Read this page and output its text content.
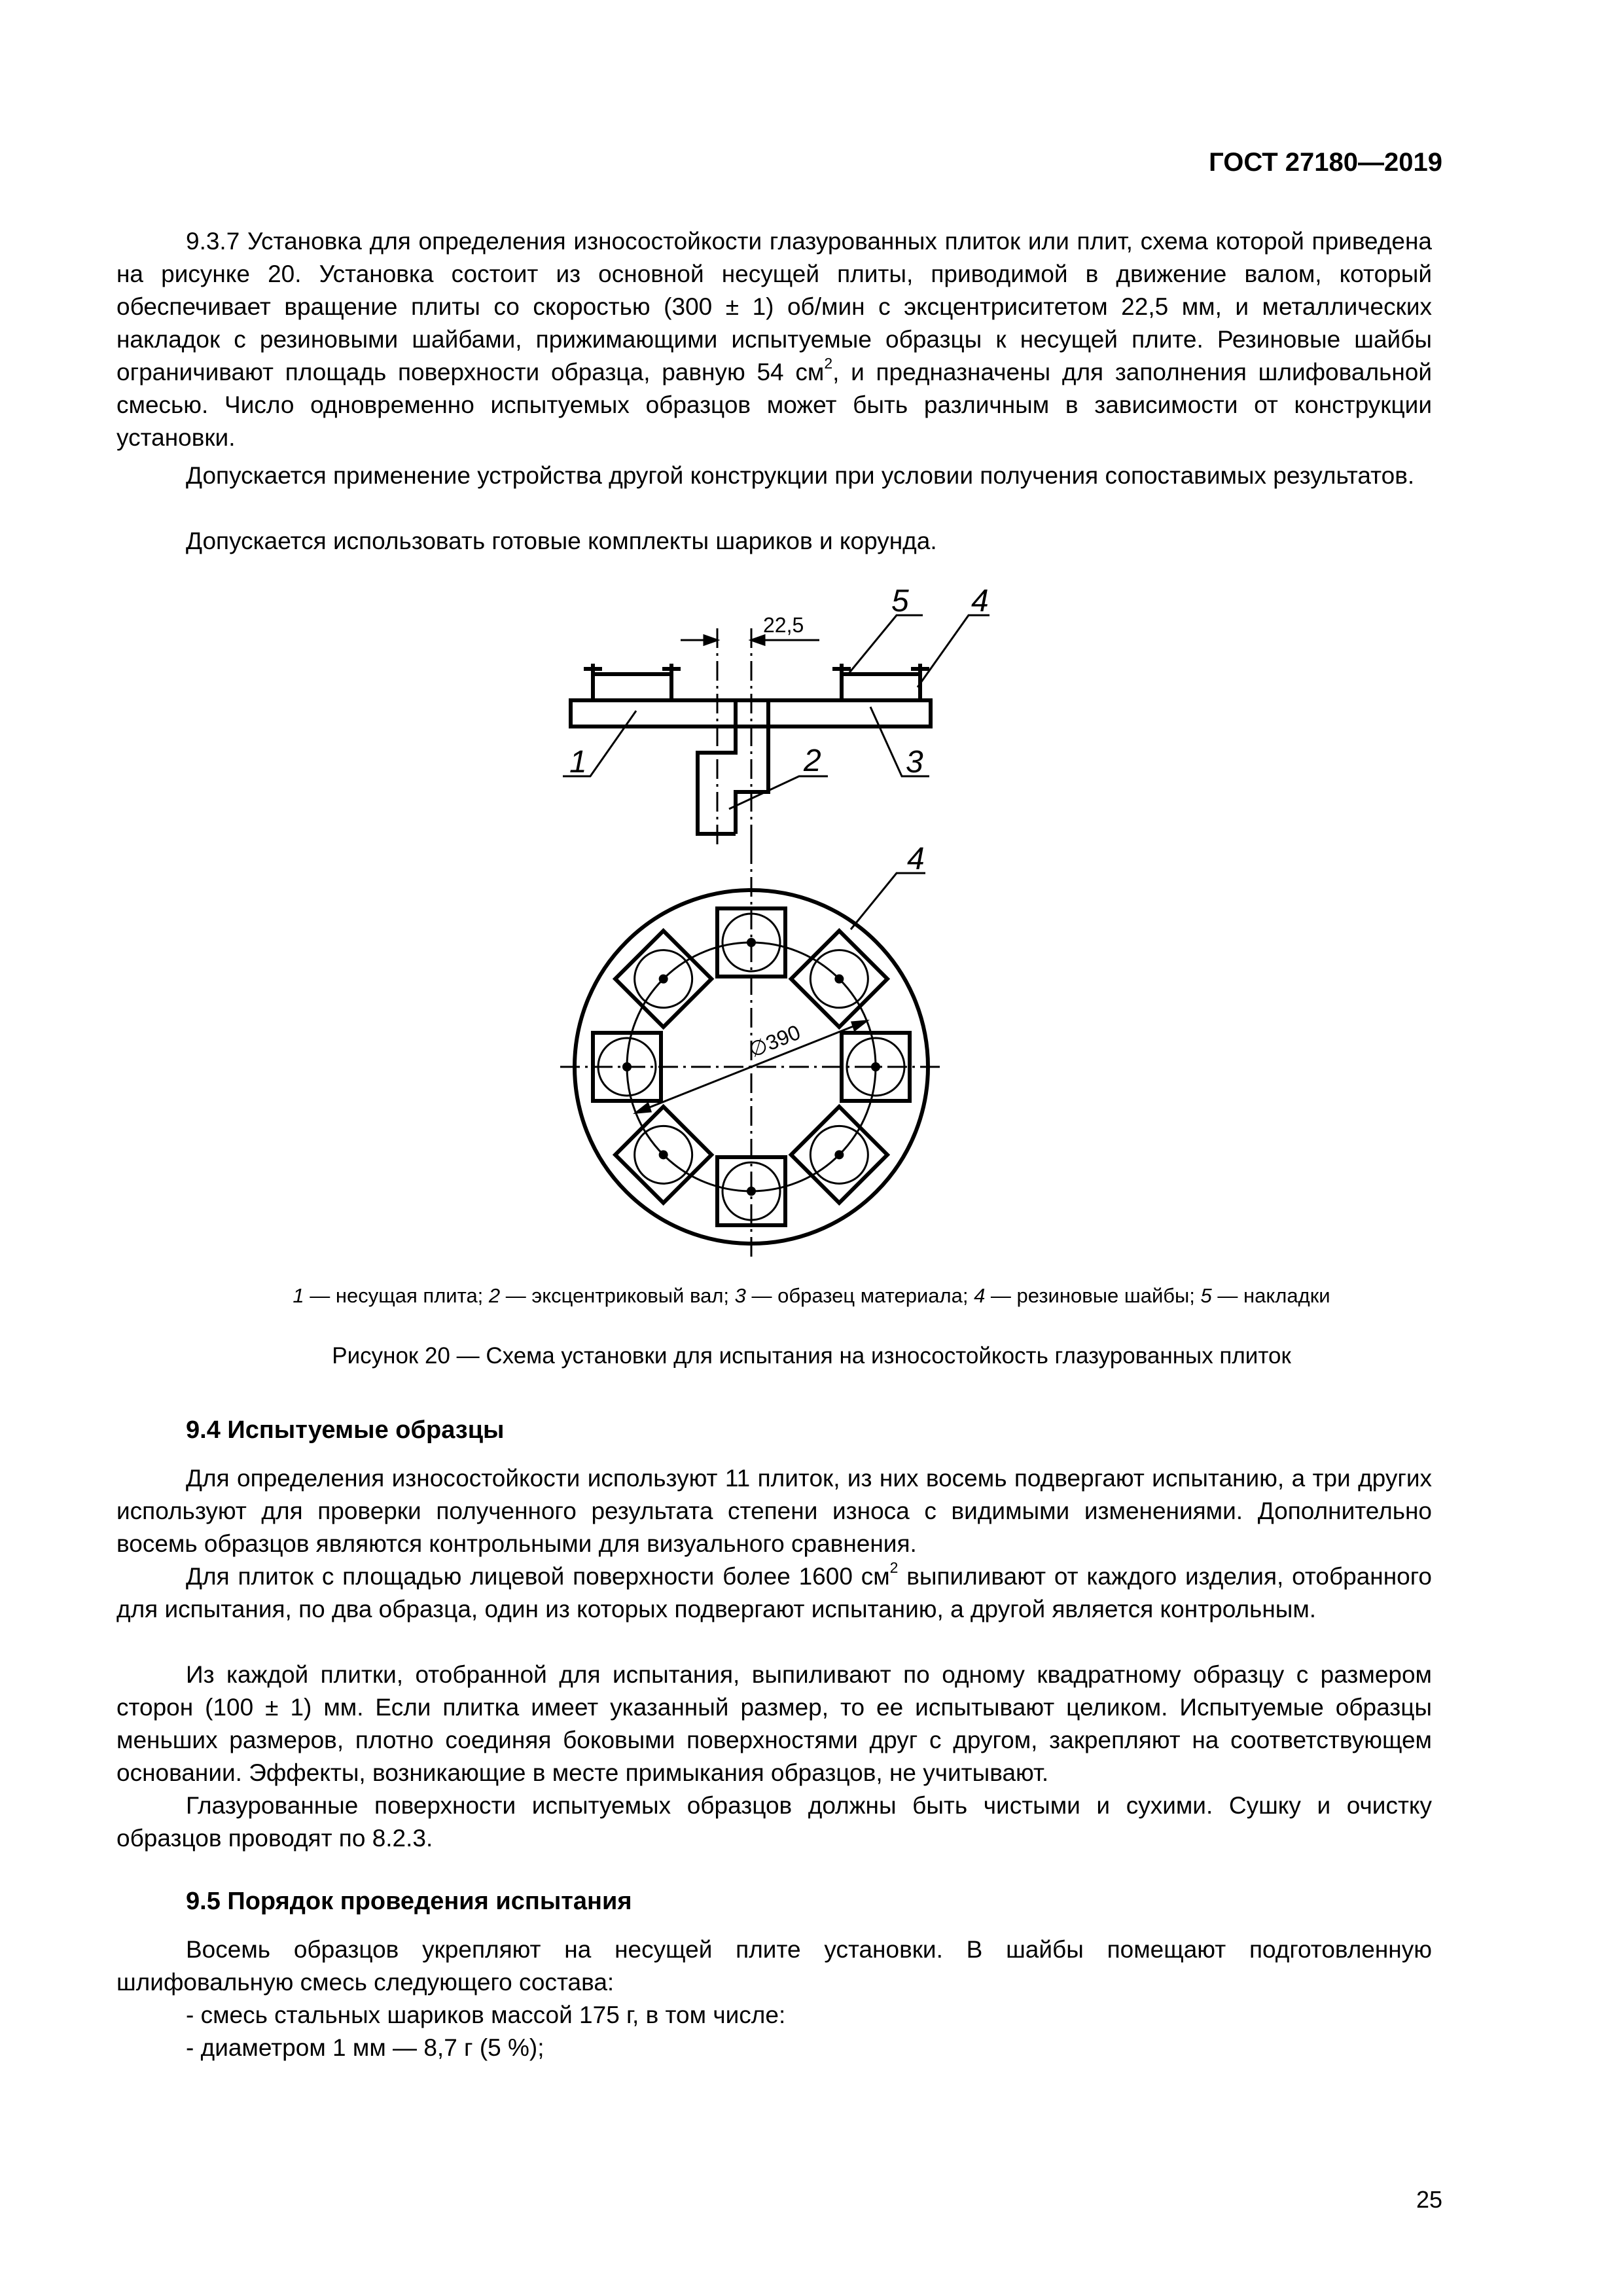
ГОСТ 27180—2019
9.3.7 Установка для определения износостойкости глазурованных плиток или плит, схема которой приведена на рисунке 20. Установка состоит из основной несущей плиты, приводимой в движение валом, который обеспечивает вращение плиты со скоростью (300 ± 1) об/мин с эксцентриситетом 22,5 мм, и металлических накладок с резиновыми шайбами, прижимающими испытуемые образцы к несущей плите. Резиновые шайбы ограничивают площадь поверхности образца, равную 54 $см^2$, и предназначены для заполнения шлифовальной смесью. Число одновременно испытуемых образцов может быть различным в зависимости от конструкции установки.
Допускается применение устройства другой конструкции при условии получения сопоставимых результатов.
Допускается использовать готовые комплекты шариков и корунда.
22,5
1	2	3
5 4
∅390
4
1 — несущая плита; 2 — эксцентриковый вал; 3 — образец материала; 4 — резиновые шайбы; 5 — накладки
Рисунок 20 — Схема установки для испытания на износостойкость глазурованных плиток
9.4 Испытуемые образцы
Для определения износостойкости используют 11 плиток, из них восемь подвергают испытанию, а три других используют для проверки полученного результата степени износа с видимыми изменениями. Дополнительно восемь образцов являются контрольными для визуального сравнения.
Для плиток с площадью лицевой поверхности более 1600 $см^2$ выпиливают от каждого изделия, отобранного для испытания, по два образца, один из которых подвергают испытанию, а другой является контрольным.
Из каждой плитки, отобранной для испытания, выпиливают по одному квадратному образцу с размером сторон (100 ± 1) мм. Если плитка имеет указанный размер, то ее испытывают целиком. Испытуемые образцы меньших размеров, плотно соединяя боковыми поверхностями друг с другом, закрепляют на соответствующем основании. Эффекты, возникающие в месте примыкания образцов, не учитывают.
Глазурованные поверхности испытуемых образцов должны быть чистыми и сухими. Сушку и очистку образцов проводят по 8.2.3.
9.5 Порядок проведения испытания
Восемь образцов укрепляют на несущей плите установки. В шайбы помещают подготовленную шлифовальную смесь следующего состава:
- смесь стальных шариков массой 175 г, в том числе:
- диаметром 1 мм — 8,7 г (5 %);
25
